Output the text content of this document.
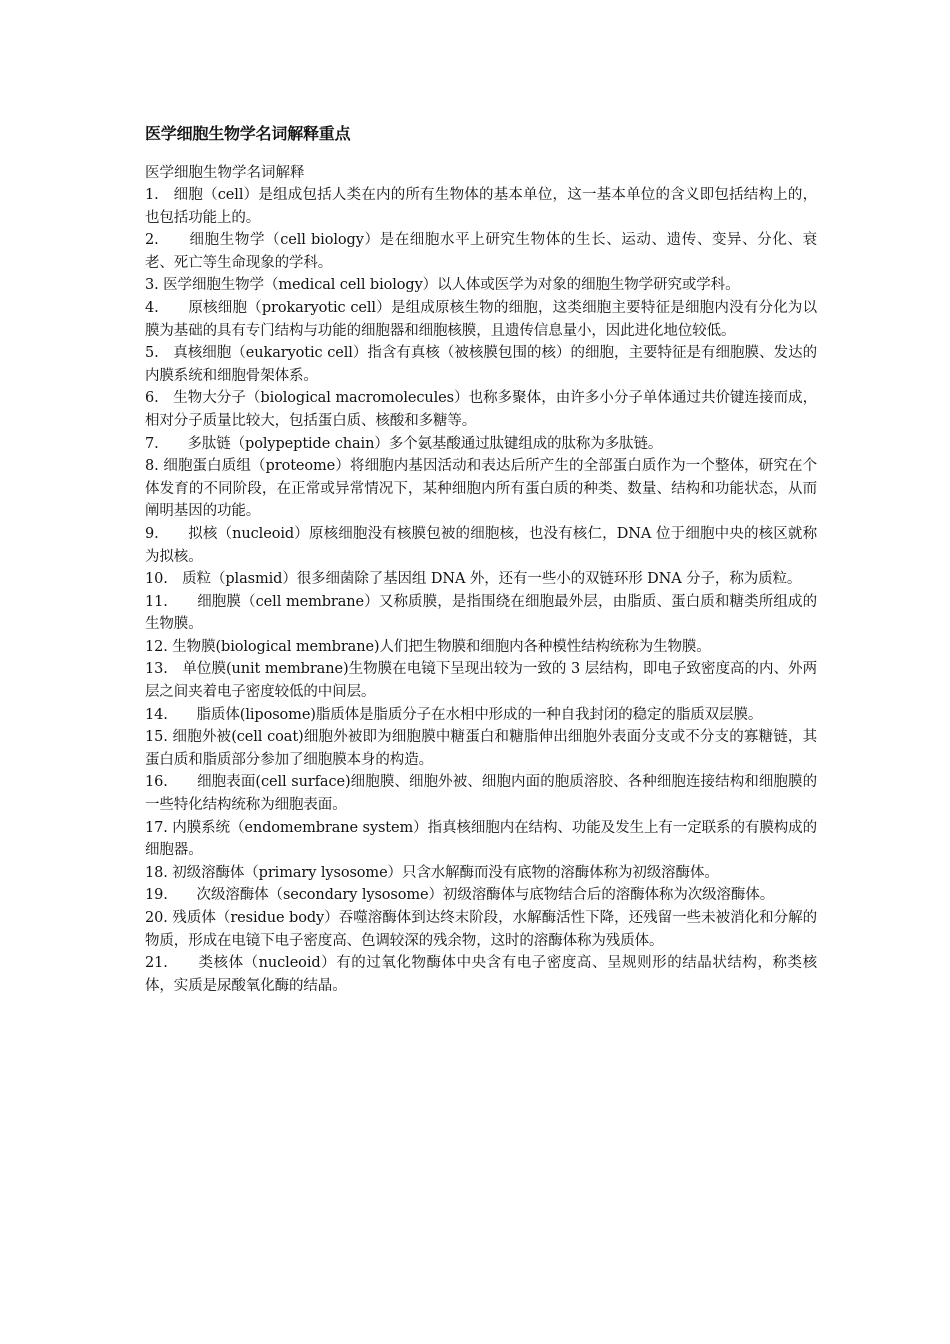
医学细胞生物学名词解释重点

医学细胞生物学名词解释

1.　细胞（cell）是组成包括人类在内的所有生物体的基本单位，这一基本单位的含义即包括结构上的，也包括功能上的。
2.　　细胞生物学（cell biology）是在细胞水平上研究生物体的生长、运动、遗传、变异、分化、衰老、死亡等生命现象的学科。
3. 医学细胞生物学（medical cell biology）以人体或医学为对象的细胞生物学研究或学科。
4.　　原核细胞（prokaryotic cell）是组成原核生物的细胞，这类细胞主要特征是细胞内没有分化为以膜为基础的具有专门结构与功能的细胞器和细胞核膜，且遗传信息量小，因此进化地位较低。
5.　真核细胞（eukaryotic cell）指含有真核（被核膜包围的核）的细胞，主要特征是有细胞膜、发达的内膜系统和细胞骨架体系。
6.　生物大分子（biological macromolecules）也称多聚体，由许多小分子单体通过共价键连接而成，相对分子质量比较大，包括蛋白质、核酸和多糖等。
7.　　多肽链（polypeptide chain）多个氨基酸通过肽键组成的肽称为多肽链。
8. 细胞蛋白质组（proteome）将细胞内基因活动和表达后所产生的全部蛋白质作为一个整体，研究在个体发育的不同阶段，在正常或异常情况下，某种细胞内所有蛋白质的种类、数量、结构和功能状态，从而阐明基因的功能。
9.　　拟核（nucleoid）原核细胞没有核膜包被的细胞核，也没有核仁，DNA 位于细胞中央的核区就称为拟核。
10.　质粒（plasmid）很多细菌除了基因组 DNA 外，还有一些小的双链环形 DNA 分子，称为质粒。
11.　　细胞膜（cell membrane）又称质膜，是指围绕在细胞最外层，由脂质、蛋白质和糖类所组成的生物膜。
12. 生物膜(biological membrane)人们把生物膜和细胞内各种模性结构统称为生物膜。
13.　单位膜(unit membrane)生物膜在电镜下呈现出较为一致的 3 层结构，即电子致密度高的内、外两层之间夹着电子密度较低的中间层。
14.　　脂质体(liposome)脂质体是脂质分子在水相中形成的一种自我封闭的稳定的脂质双层膜。
15. 细胞外被(cell coat)细胞外被即为细胞膜中糖蛋白和糖脂伸出细胞外表面分支或不分支的寡糖链，其蛋白质和脂质部分参加了细胞膜本身的构造。
16.　　细胞表面(cell surface)细胞膜、细胞外被、细胞内面的胞质溶胶、各种细胞连接结构和细胞膜的一些特化结构统称为细胞表面。
17. 内膜系统（endomembrane system）指真核细胞内在结构、功能及发生上有一定联系的有膜构成的细胞器。
18. 初级溶酶体（primary lysosome）只含水解酶而没有底物的溶酶体称为初级溶酶体。
19.　　次级溶酶体（secondary lysosome）初级溶酶体与底物结合后的溶酶体称为次级溶酶体。
20. 残质体（residue body）吞噬溶酶体到达终末阶段，水解酶活性下降，还残留一些未被消化和分解的物质，形成在电镜下电子密度高、色调较深的残余物，这时的溶酶体称为残质体。
21.　　类核体（nucleoid）有的过氧化物酶体中央含有电子密度高、呈规则形的结晶状结构，称类核体，实质是尿酸氧化酶的结晶。
